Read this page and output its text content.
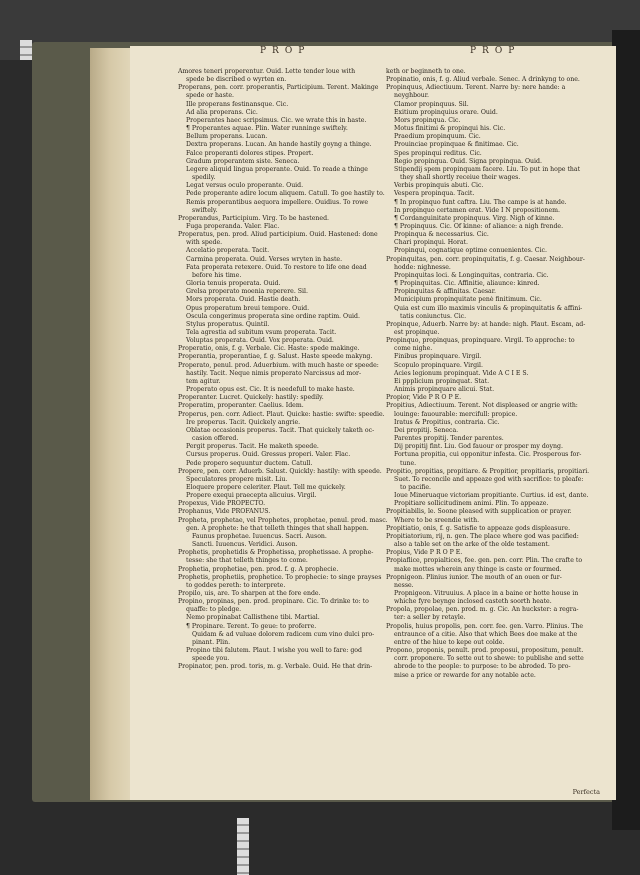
PROP	PROP
Amores teneri properentur. Ouid. Lette tender loue with
spede be discribed o wyrten en.
Properans, pen. corr. properantis, Participium. Terent. Makinge
spede or haste.
Ille properans festinansque. Cic.
Ad alia properans. Cic.
Properantes haec scripsimus. Cic. we wrate this in haste.
¶ Properantes aquae. Plin. Water runninge swiftely.
Bellum properans. Lucan.
Dextra properans. Lucan. An hande hastily goyng a thinge.
Falce properanti dolores stipes. Propert.
Gradum properantem siste. Seneca.
Legere aliquid lingua properante. Ouid. To reade a thinge
spedily.
Legat versus oculo properante. Ouid.
Pede properante adire locum aliquem. Catull. To goe hastily to.
Remis properantibus aequora impellere. Ouidius. To rowe
swiftely.
Properandus, Participium. Virg. To be hastened.
Fuga properanda. Valer. Flac.
Properatus, pen. prod. Aliud participium. Ouid. Hastened: done
with spede.
Accelatio properata. Tacit.
Carmina properata. Ouid. Verses wryten in haste.
Fata properata retexere. Ouid. To restore to life one dead
before his time.
Gloria tenuis properata. Ouid.
Grelsa properato moenia reperere. Sil.
Mors properata. Ouid. Hastie death.
Opus properatum breui tempore. Ouid.
Oscula congerimus properata sine ordine raptim. Ouid.
Stylus properatus. Quintil.
Tela agrestia ad subitum vsum properata. Tacit.
Voluptas properata. Ouid. Vox properata. Ouid.
Properatio, onis, f. g. Verbale. Cic. Haste: spede makinge.
Properantia, properantiae, f. g. Salust. Haste speede makyng.
Properato, penul. prod. Aduerbium. with much haste or speede:
hastily. Tacit. Neque nimis properato Narcissus ad mor-
tem agitur.
Properato opus est. Cic. It is needefull to make haste.
Properanter. Lucret. Quickely: hastily: spedily.
Properatim, properanter. Caelius. Idem.
Properus, pen. corr. Adiect. Plaut. Quicke: hastie: swifte: speedie.
Ire properus. Tacit. Quickely angrie.
Oblatae occasionis properus. Tacit. That quickely taketh oc-
casion offered.
Pergit properus. Tacit. He maketh speede.
Cursus properus. Ouid. Gressus properi. Valer. Flac.
Pede propero sequuntur ductem. Catull.
Propere, pen. corr. Aduerb. Salust. Quickly: hastily: with speede.
Speculatores propere misit. Liu.
Eloquere propere celeriter. Plaut. Tell me quickely.
Propere exequi praecepta alicuius. Virgil.
Propexus, Vide PROPECTO.
Prophanus, Vide PROFANUS.
Propheta, prophetae, vel Prophetes, prophetae, penul. prod. masc.
gen. A prophete: he that telleth thinges that shall happen.
Faunus prophetae. Iuuencus. Sacri. Auson.
Sancti. Iuuencus. Veridici. Auson.
Prophetis, prophetidis & Prophetissa, prophetissae. A prophe-
tesse: she that telleth thinges to come.
Prophetia, prophetiae, pen. prod. f. g. A prophecie.
Prophetis, prophetiis, prophetice. To prophecie: to singe prayses
to goddes pereth: to interprete.
Propilo, uis, are. To sharpen at the fore ende.
Propino, propinas, pen. prod. propinare. Cic. To drinke to: to
quaffe: to pledge.
Nemo propinabat Callisthene tibi. Martial.
¶ Propinare. Terent. To geue: to proferre.
Quidam & ad vuluae dolorem radicem cum vino dulci pro-
pinant. Plin.
Propino tibi falutem. Plaut. I wishe you well to fare: god
speede you.
Propinator, pen. prod. toris, m. g. Verbale. Ouid. He that drin-
keth or beginneth to one.
Propinatio, onis, f. g. Aliud verbale. Senec. A drinkyng to one.
Propinquus, Adiectiuum. Terent. Narre by: nere hande: a
neyghbour.
Clamor propinquus. Sil.
Exitium propinquius orare. Ouid.
Mors propinqua. Cic.
Motus finitimi & propinqui his. Cic.
Praedium propinquum. Cic.
Prouinciae propinquae & finitimae. Cic.
Spes propinqui reditus. Cic.
Regio propinqua. Ouid. Signa propinqua. Ouid.
Stipendij spem propinquam facere. Liu. To put in hope that
they shall shortly receiue their wages.
Verbis propinquis abuti. Cic.
Vespera propinqua. Tacit.
¶ In propinquo funt caftra. Liu. The campe is at hande.
In propinquo certamen erat. Vide I N propositionem.
¶ Cordanguinitate propinquus. Virg. Nigh of kinne.
¶ Propinquus. Cic. Of kinne: of aliance: a nigh frende.
Propinqua & necessarius. Cic.
Chari propinqui. Horat.
Propinqui, cognatique optime conuenientes. Cic.
Propinquitas, pen. corr. propinquitatis, f. g. Caesar. Neighbour-
hodde: nighnesse.
Propinquitas loci. & Longinquitas, contraria. Cic.
¶ Propinquitas. Cic. Affinitie, aliaunce: kinred.
Propinquitas & affinitas. Caesar.
Municipium propinquitate penè finitimum. Cic.
Quia est cum illo maximis vinculis & propinquitatis & affini-
tatis coniunctus. Cic.
Propinque, Aduerb. Narre by: at hande: nigh. Plaut. Escam, ad-
est propinque.
Propinquo, propinquas, propinquare. Virgil. To approche: to
come nighe.
Finibus propinquare. Virgil.
Scopulo propinquare. Virgil.
Acies legionum propinquat. Vide A C I E S.
Ei ppplicium propinquat. Stat.
Animis propinquare alicui. Stat.
Propior, Vide P R O P E.
Propitius, Adiectiuum. Terent. Not displeased or angrie with:
louinge: fauourable: mercifull: propice.
Iratus & Propitius, contraria. Cic.
Dei propitij. Seneca.
Parentes propitij. Tender parentes.
Dij propitij fint. Liu. God fauour or prosper my doyng.
Fortuna propitia, cui opponitur infesta. Cic. Prosperous for-
tune.
Propitio, propitias, propitiare. & Propitior, propitiaris, propitiari.
Suet. To reconcile and appeaze god with sacrifice: to pleafe:
to pacifie.
Ioue Mineruaque victoriam propitiante. Curtius. id est, dante.
Propitiare sollicitudinem animi. Plin. To appeaze.
Propitiabilis, le. Soone pleased with supplication or prayer.
Where to be sreendie with.
Propitiatio, onis, f. g. Satisfie to appeaze gods displeasure.
Propitiatorium, rij, n. gen. The place where god was pacified:
also a table set on the arke of the olde testament.
Propius, Vide P R O P E.
Propiaflice, propialtices, fee. gen. pen. corr. Plin. The crafte to
make mottes wherein any thinge is caste or fourmed.
Propnigeon. Plinius iunior. The mouth of an ouen or fur-
nesse.
Propnigeon. Vitruuius. A place in a baine or hotte house in
whiche fyre beynge inclosed casteth soorth heate.
Propola, propolae, pen. prod. m. g. Cic. An huckster: a regra-
ter: a seller by retayle.
Propolis, huius propolis, pen. corr. fee. gen. Varro. Plinius. The
entraunce of a citie. Also that which Bees doe make at the
entre of the hiue to kepe out colde.
Propono, proponis, penult. prod. proposui, propositum, penult.
corr. proponere. To sette out to shewe: to publishe and sette
abrode to the people: to purpose: to be abroded. To pro-
mise a price or rewarde for any notable acte.
Perfecta
